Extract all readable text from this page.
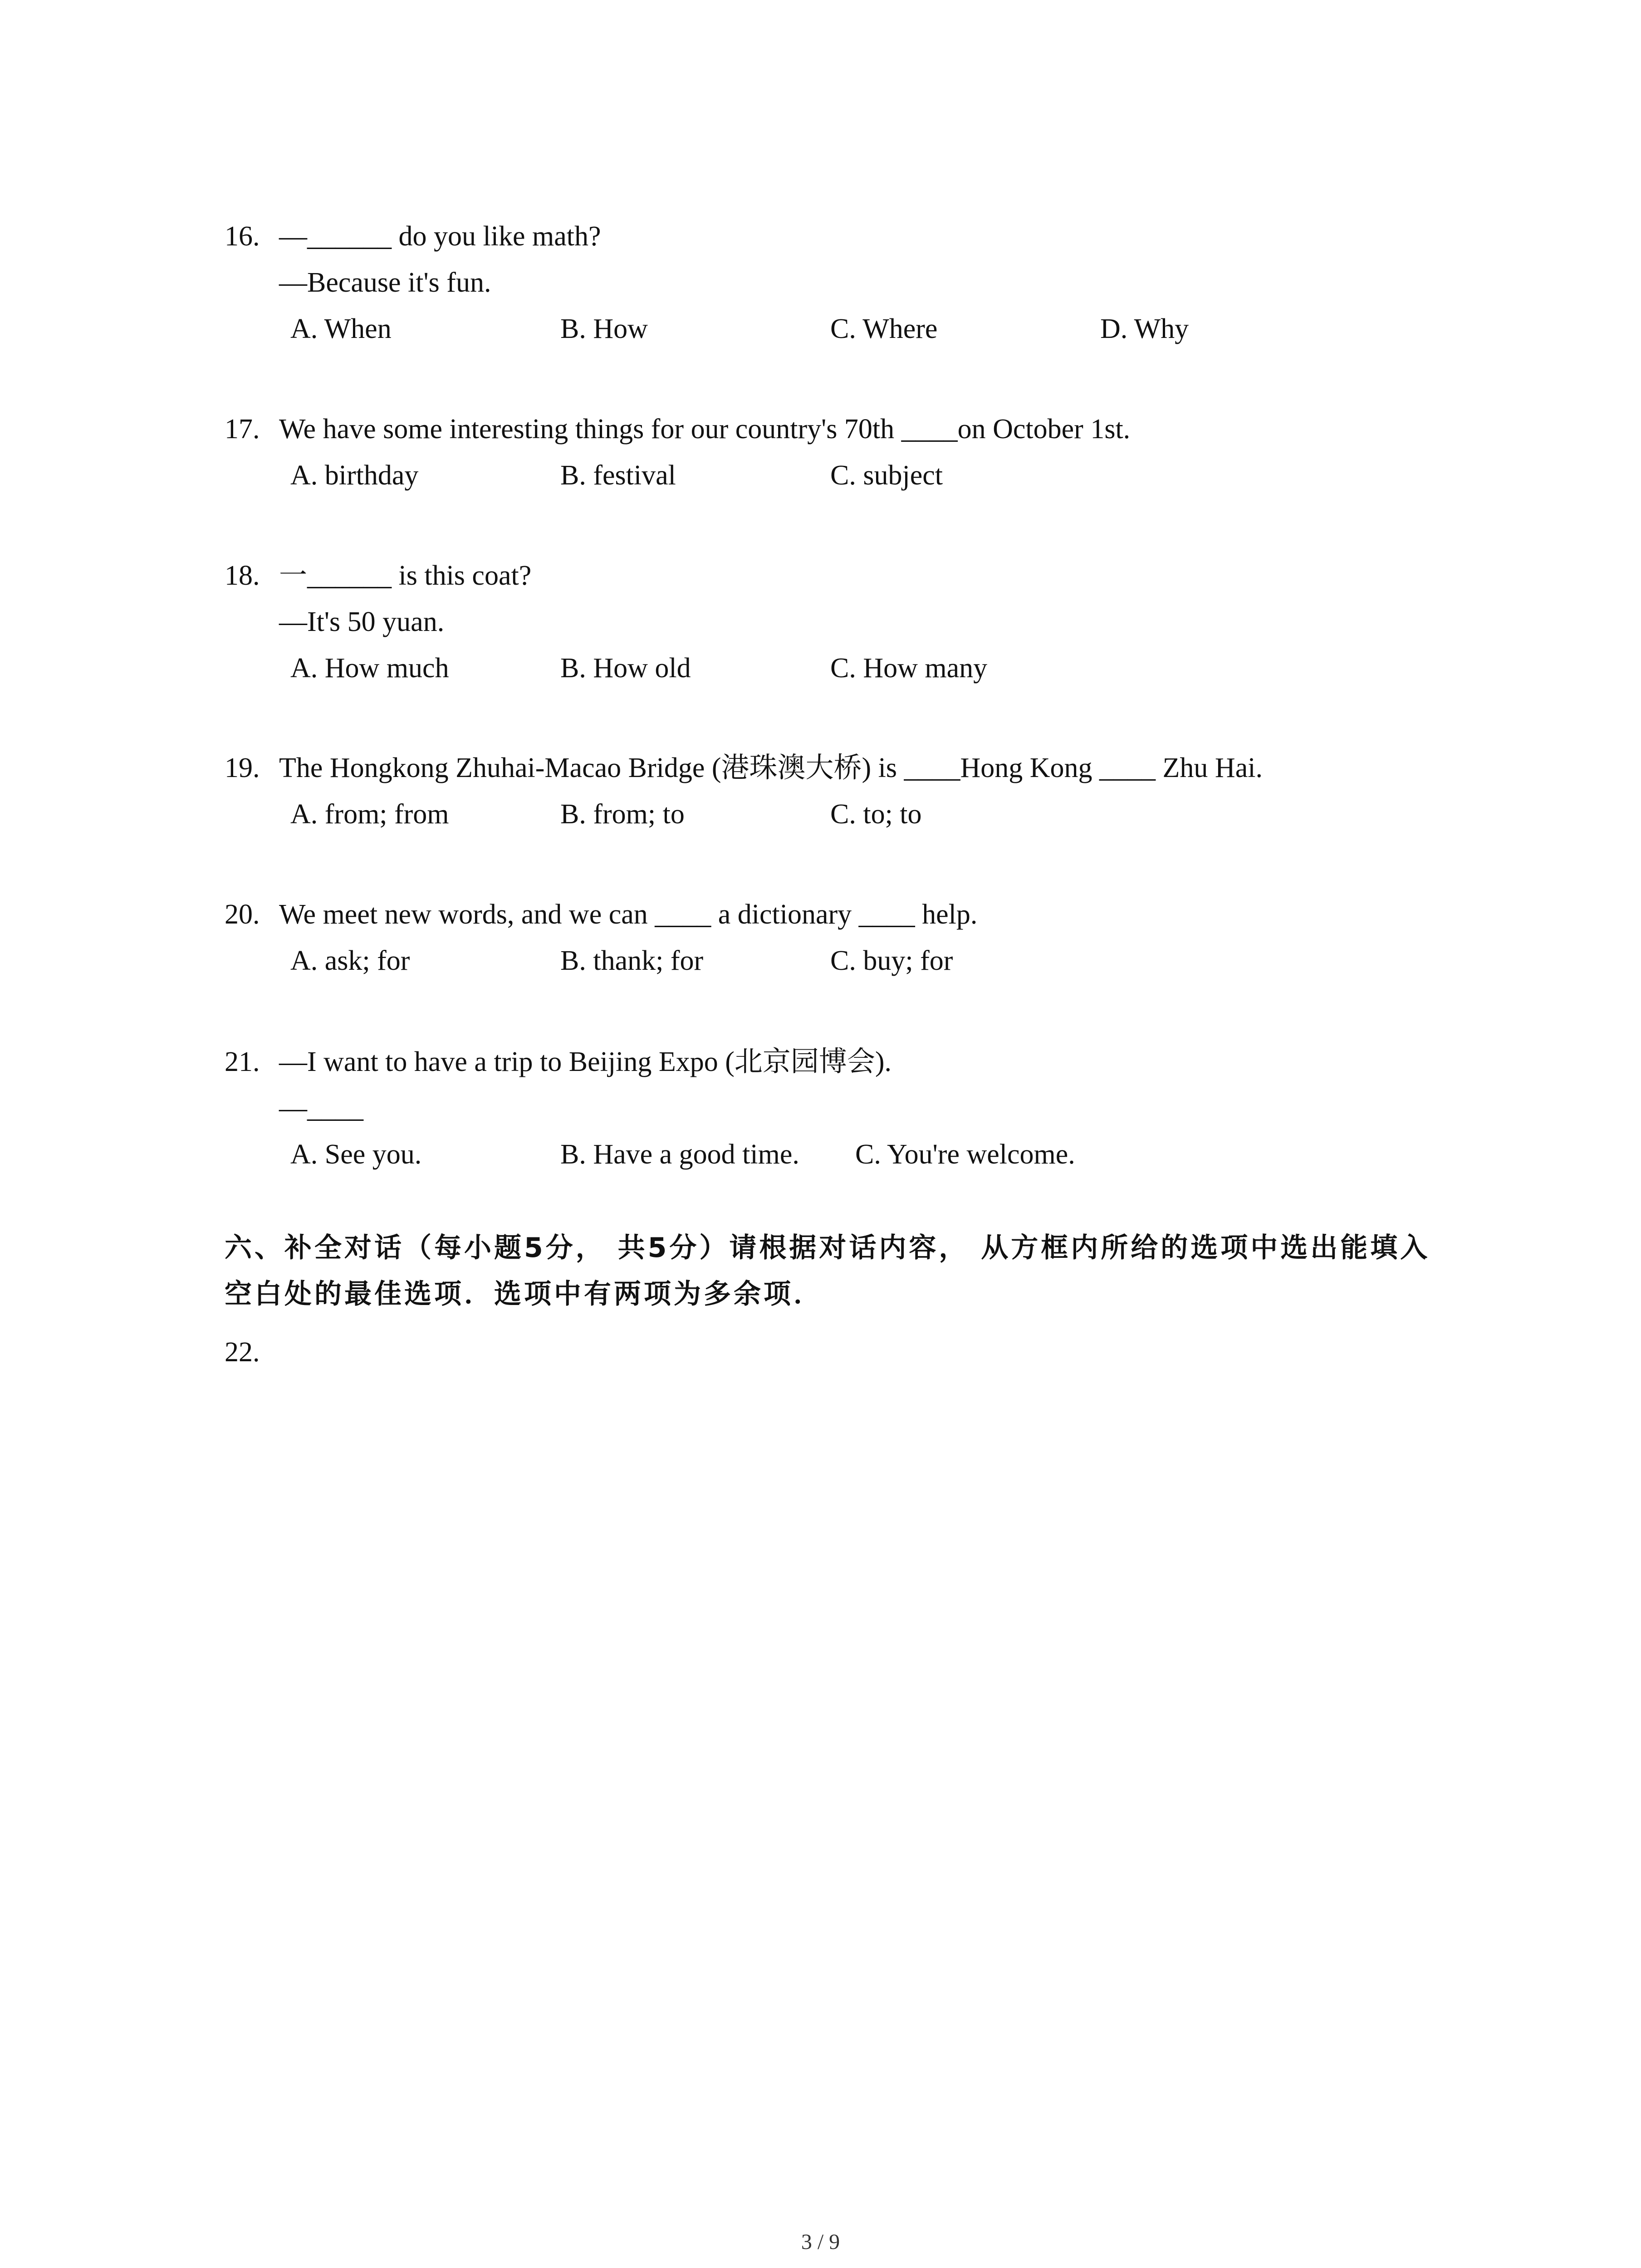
16. —______ do you like math?
—Because it's fun.
A. When	B. How	C. Where	D. Why
17. We have some interesting things for our country's 70th ____on October 1st.
A. birthday	B. festival	C. subject
18. 一______ is this coat?
—It's 50 yuan.
A. How much	B. How old	C. How many
19. The Hongkong Zhuhai-Macao Bridge (港珠澳大桥) is ____Hong Kong ____ Zhu Hai.
A. from; from	B. from; to	C. to; to
20. We meet new words, and we can ____ a dictionary ____ help.
A. ask; for	B. thank; for	C. buy; for
21. —I want to have a trip to Beijing Expo (北京园博会).
—____
A. See you.	B. Have a good time. C. You're welcome.
六、补全对话（每小题5分， 共5分）请根据对话内容， 从方框内所给的选项中选出能填入
空白处的最佳选项．选项中有两项为多余项．
22.
3 / 9
